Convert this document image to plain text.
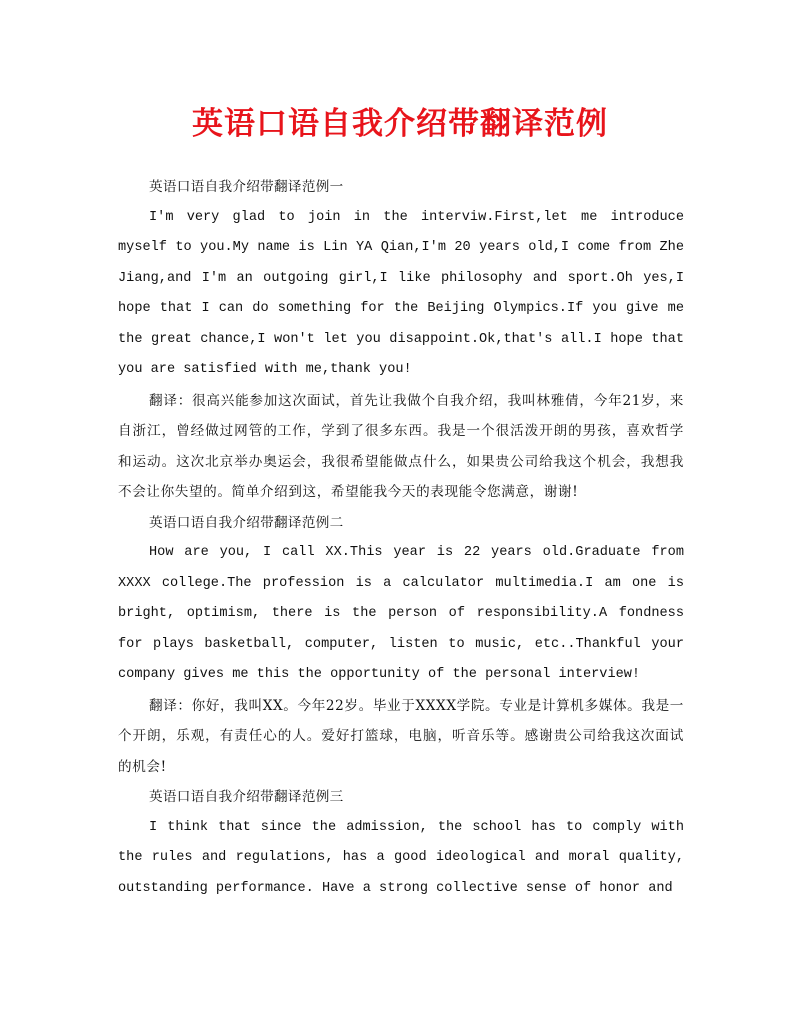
英语口语自我介绍带翻译范例

英语口语自我介绍带翻译范例一

I'm very glad to join in the interviw.First,let me introduce myself to you.My name is Lin YA Qian,I'm 20 years old,I come from Zhe Jiang,and I'm an outgoing girl,I like philosophy and sport.Oh yes,I hope that I can do something for the Beijing Olympics.If you give me the great chance,I won't let you disappoint.Ok,that's all.I hope that you are satisfied with me,thank you!

翻译：很高兴能参加这次面试，首先让我做个自我介绍，我叫林雅倩，今年21岁，来自浙江，曾经做过网管的工作，学到了很多东西。我是一个很活泼开朗的男孩，喜欢哲学和运动。这次北京举办奥运会，我很希望能做点什么，如果贵公司给我这个机会，我想我不会让你失望的。简单介绍到这，希望能我今天的表现能令您满意，谢谢!

英语口语自我介绍带翻译范例二

How are you, I call XX.This year is 22 years old.Graduate from XXXX college.The profession is a calculator multimedia.I am one is bright, optimism, there is the person of responsibility.A fondness for plays basketball, computer, listen to music, etc..Thankful your company gives me this the opportunity of the personal interview!

翻译：你好，我叫XX。今年22岁。毕业于XXXX学院。专业是计算机多媒体。我是一个开朗，乐观，有责任心的人。爱好打篮球，电脑，听音乐等。感谢贵公司给我这次面试的机会!

英语口语自我介绍带翻译范例三

I think that since the admission, the school has to comply with the rules and regulations, has a good ideological and moral quality, outstanding performance. Have a strong collective sense of honor and
